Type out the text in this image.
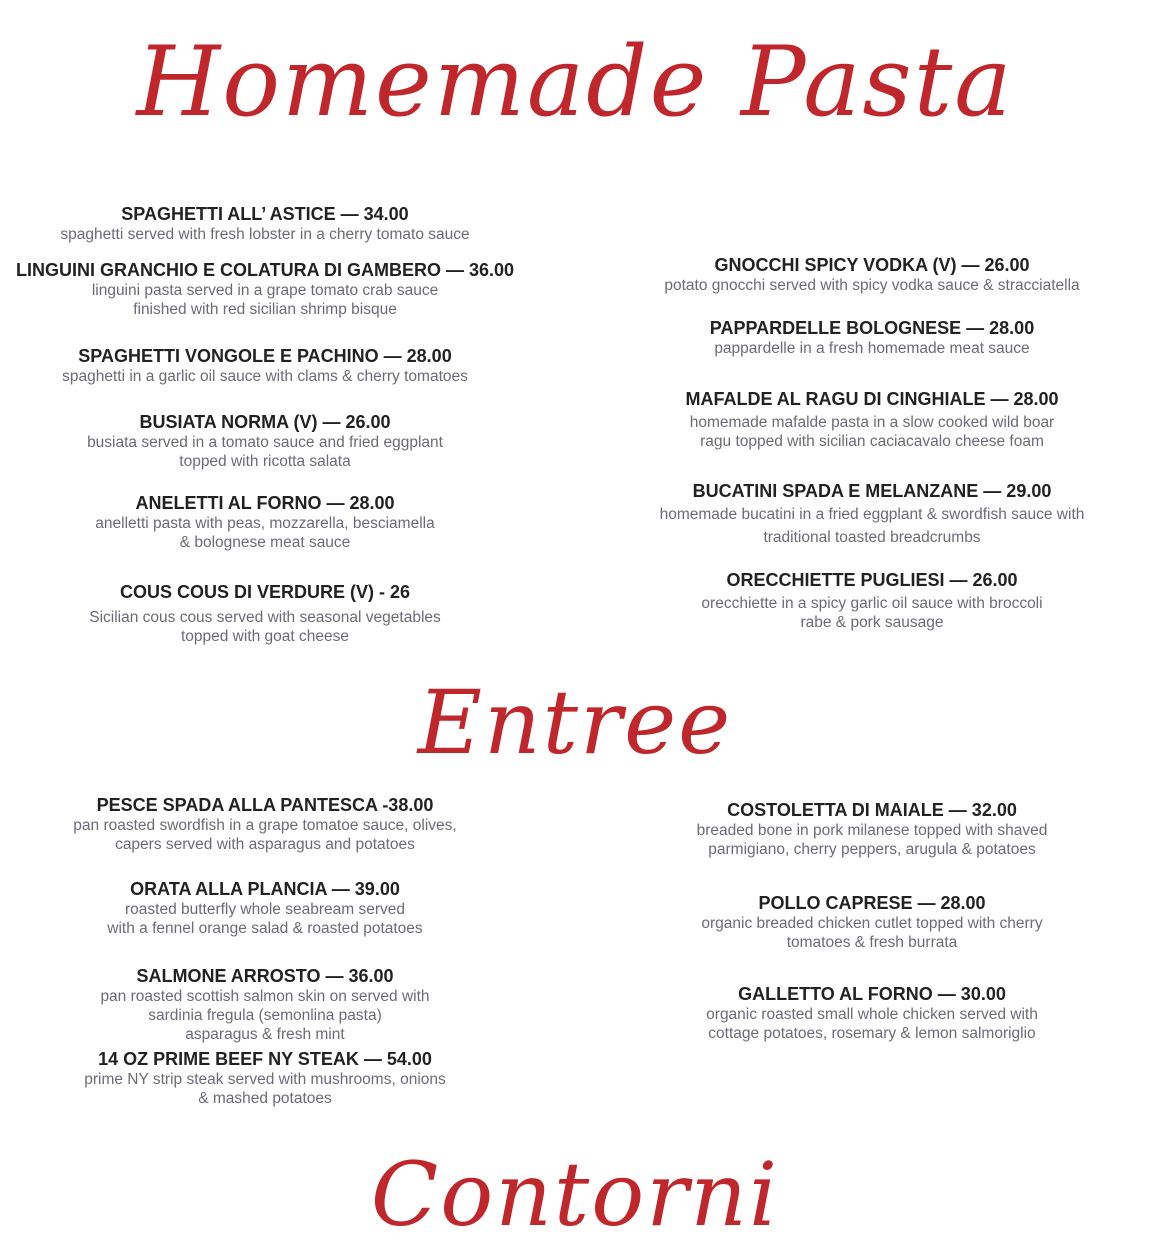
Homemade Pasta
SPAGHETTI ALL’ ASTICE — 34.00
spaghetti served with fresh lobster in a cherry tomato sauce
LINGUINI GRANCHIO E COLATURA DI GAMBERO — 36.00
linguini pasta served in a grape tomato crab sauce
finished with red sicilian shrimp bisque
SPAGHETTI VONGOLE E PACHINO — 28.00
spaghetti in a garlic oil sauce with clams & cherry tomatoes
BUSIATA NORMA (V) — 26.00
busiata served in a tomato sauce and fried eggplant
topped with ricotta salata
ANELETTI AL FORNO — 28.00
anelletti pasta with peas, mozzarella, besciamella
& bolognese meat sauce
COUS COUS DI VERDURE (V) - 26
Sicilian cous cous served with seasonal vegetables
topped with goat cheese
GNOCCHI SPICY VODKA (V) — 26.00
potato gnocchi served with spicy vodka sauce & stracciatella
PAPPARDELLE BOLOGNESE — 28.00
pappardelle in a fresh homemade meat sauce
MAFALDE AL RAGU DI CINGHIALE — 28.00
homemade mafalde pasta in a slow cooked wild boar
ragu topped with sicilian caciacavalo cheese foam
BUCATINI SPADA E MELANZANE — 29.00
homemade bucatini in a fried eggplant & swordfish sauce with
traditional toasted breadcrumbs
ORECCHIETTE PUGLIESI — 26.00
orecchiette in a spicy garlic oil sauce with broccoli
rabe & pork sausage
Entree
PESCE SPADA ALLA PANTESCA -38.00
pan roasted swordfish in a grape tomatoe sauce, olives,
capers served with asparagus and potatoes
ORATA ALLA PLANCIA — 39.00
roasted butterfly whole seabream served
with a fennel orange salad & roasted potatoes
SALMONE ARROSTO — 36.00
pan roasted scottish salmon skin on served with
sardinia fregula (semonlina pasta)
asparagus & fresh mint
14 OZ PRIME BEEF NY STEAK — 54.00
prime NY strip steak served with mushrooms, onions
& mashed potatoes
COSTOLETTA DI MAIALE — 32.00
breaded bone in pork milanese topped with shaved
parmigiano, cherry peppers, arugula & potatoes
POLLO CAPRESE — 28.00
organic breaded chicken cutlet topped with cherry
tomatoes & fresh burrata
GALLETTO AL FORNO — 30.00
organic roasted small whole chicken served with
cottage potatoes, rosemary & lemon salmoriglio
Contorni
